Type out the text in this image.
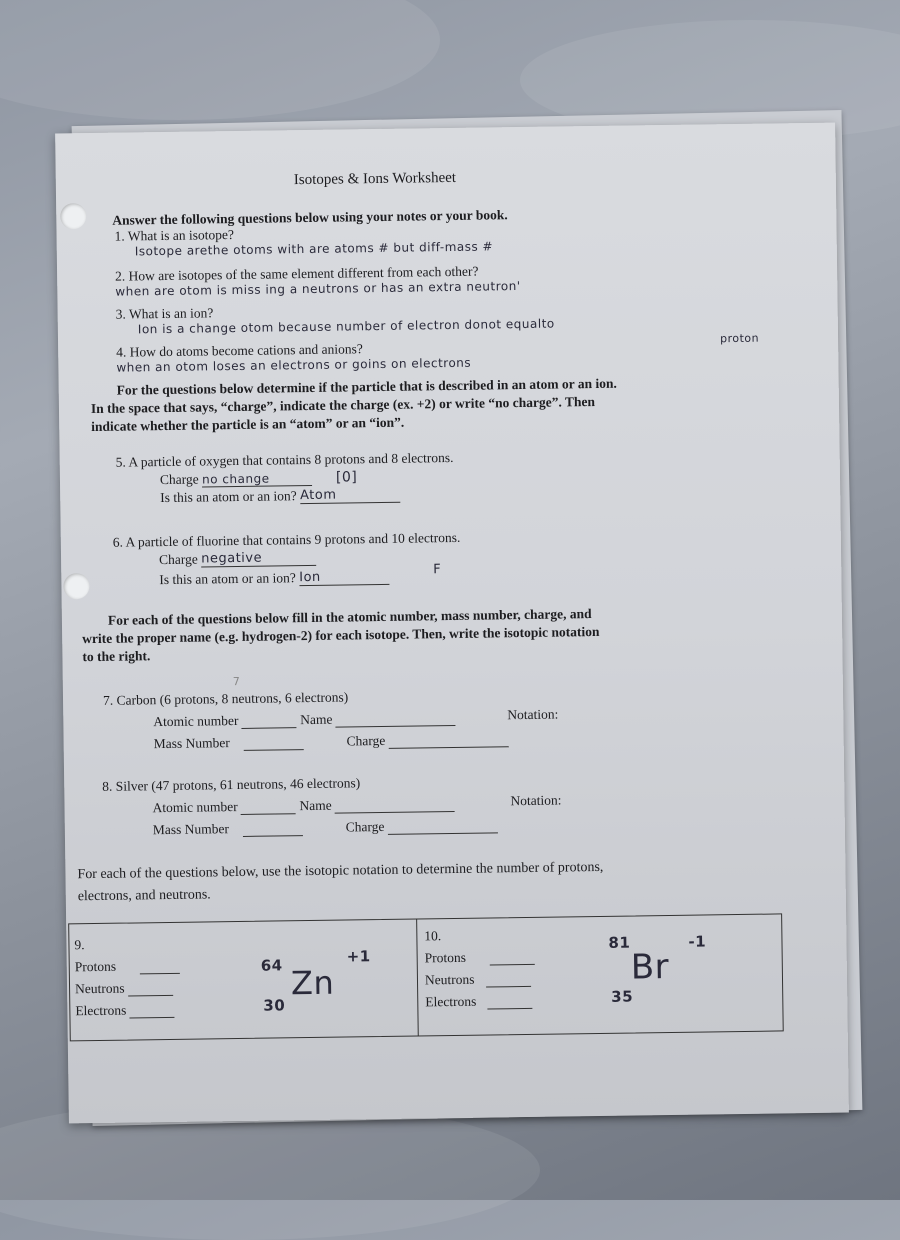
Isotopes & Ions Worksheet
Answer the following questions below using your notes or your book.
1. What is an isotope?
Isotope arethe otoms with are atoms # but diff-mass #
2. How are isotopes of the same element different from each other?
when are otom is miss ing a neutrons or has an extra neutron'
3. What is an ion?
Ion is a change otom because number of electron donot equalto
proton
4. How do atoms become cations and anions?
when an otom loses an electrons or goins on electrons
For the questions below determine if the particle that is described in an atom or an ion.
In the space that says, “charge”, indicate the charge (ex. +2) or write “no charge”. Then
indicate whether the particle is an “atom” or an “ion”.
5. A particle of oxygen that contains 8 protons and 8 electrons.
Charge no change	[0]
Is this an atom or an ion? Atom
6. A particle of fluorine that contains 9 protons and 10 electrons.
Charge negative
Is this an atom or an ion? Ion
F
For each of the questions below fill in the atomic number, mass number, charge, and
write the proper name (e.g. hydrogen-2) for each isotope. Then, write the isotopic notation
to the right.
7
7. Carbon (6 protons, 8 neutrons, 6 electrons)
Atomic number	Name	Notation:
Mass Number	Charge
8. Silver (47 protons, 61 neutrons, 46 electrons)
Atomic number	Name	Notation:
Mass Number	Charge
For each of the questions below, use the isotopic notation to determine the number of protons,
electrons, and neutrons.
9.
Protons
Neutrons
Electrons
64
30
Zn
+1
10.
Protons
Neutrons
Electrons
81
35
Br
-1
